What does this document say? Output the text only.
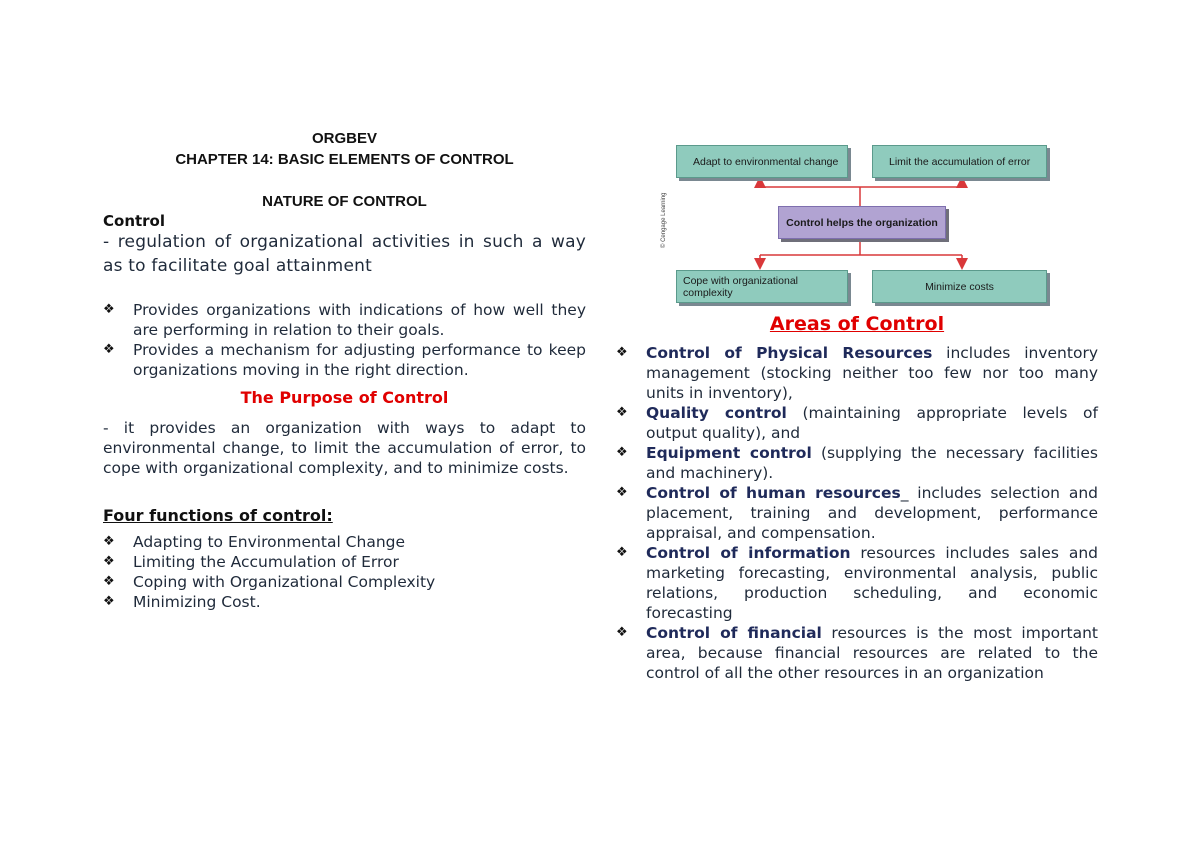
ORGBEV
CHAPTER 14: BASIC ELEMENTS OF CONTROL
NATURE OF CONTROL
Control
- regulation of organizational activities in such a way as to facilitate goal attainment
❖ Provides organizations with indications of how well they are performing in relation to their goals.
❖ Provides a mechanism for adjusting performance to keep organizations moving in the right direction.
The Purpose of Control
- it provides an organization with ways to adapt to environmental change, to limit the accumulation of error, to cope with organizational complexity, and to minimize costs.
Four functions of control:
❖ Adapting to Environmental Change
❖ Limiting the Accumulation of Error
❖ Coping with Organizational Complexity
❖ Minimizing Cost.
Adapt to environmental change	Limit the accumulation of error
Control helps the organization
Cope with organizational complexity	Minimize costs
© Cengage Learning
Areas of Control
❖ Control of Physical Resources includes inventory management (stocking neither too few nor too many units in inventory),
❖ Quality control (maintaining appropriate levels of output quality), and
❖ Equipment control (supplying the necessary facilities and machinery).
❖ Control of human resources_ includes selection and placement, training and development, performance appraisal, and compensation.
❖ Control of information resources includes sales and marketing forecasting, environmental analysis, public relations, production scheduling, and economic forecasting
❖ Control of financial resources is the most important area, because financial resources are related to the control of all the other resources in an organization
